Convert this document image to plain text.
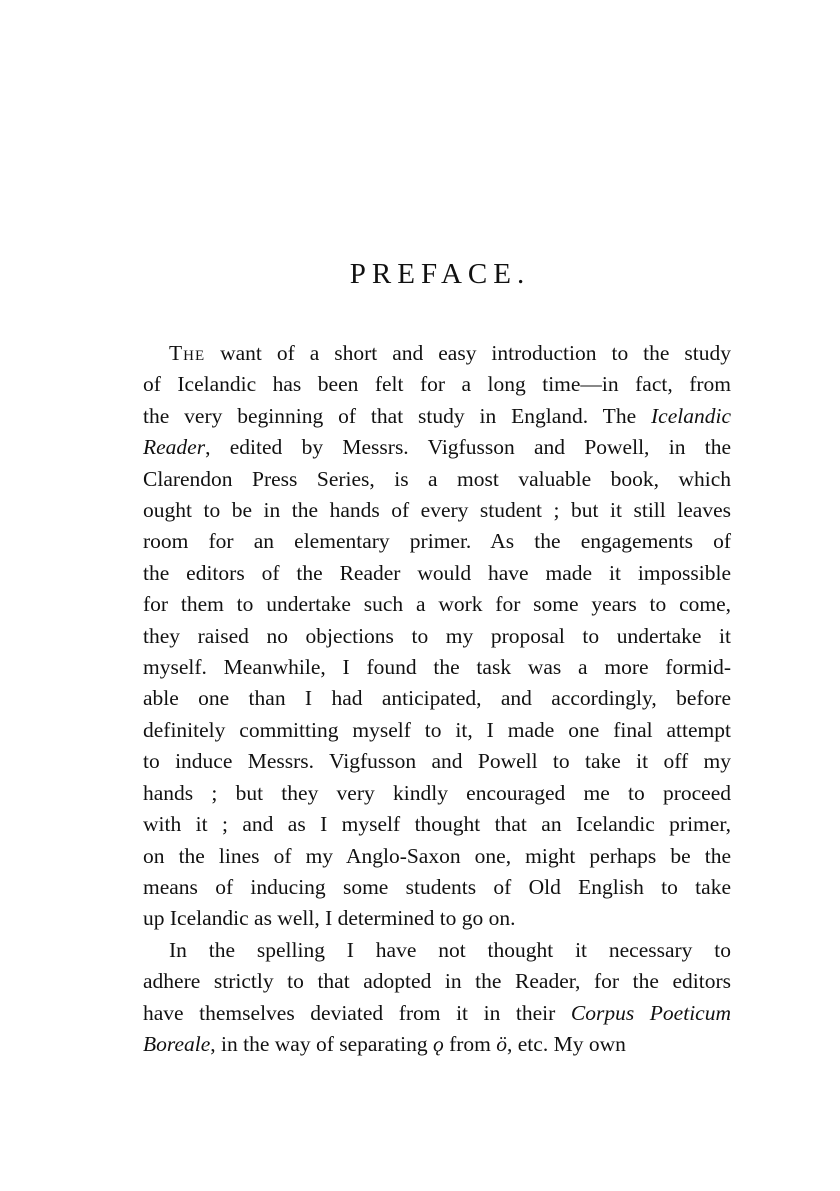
PREFACE.
The want of a short and easy introduction to the study
of Icelandic has been felt for a long time—in fact, from
the very beginning of that study in England. The Icelandic
Reader, edited by Messrs. Vigfusson and Powell, in the
Clarendon Press Series, is a most valuable book, which
ought to be in the hands of every student ; but it still leaves
room for an elementary primer. As the engagements of
the editors of the Reader would have made it impossible
for them to undertake such a work for some years to come,
they raised no objections to my proposal to undertake it
myself. Meanwhile, I found the task was a more formid-
able one than I had anticipated, and accordingly, before
definitely committing myself to it, I made one final attempt
to induce Messrs. Vigfusson and Powell to take it off my
hands ; but they very kindly encouraged me to proceed
with it ; and as I myself thought that an Icelandic primer,
on the lines of my Anglo-Saxon one, might perhaps be the
means of inducing some students of Old English to take
up Icelandic as well, I determined to go on.
In the spelling I have not thought it necessary to
adhere strictly to that adopted in the Reader, for the editors
have themselves deviated from it in their Corpus Poeticum
Boreale, in the way of separating ǫ from ö, etc. My own
